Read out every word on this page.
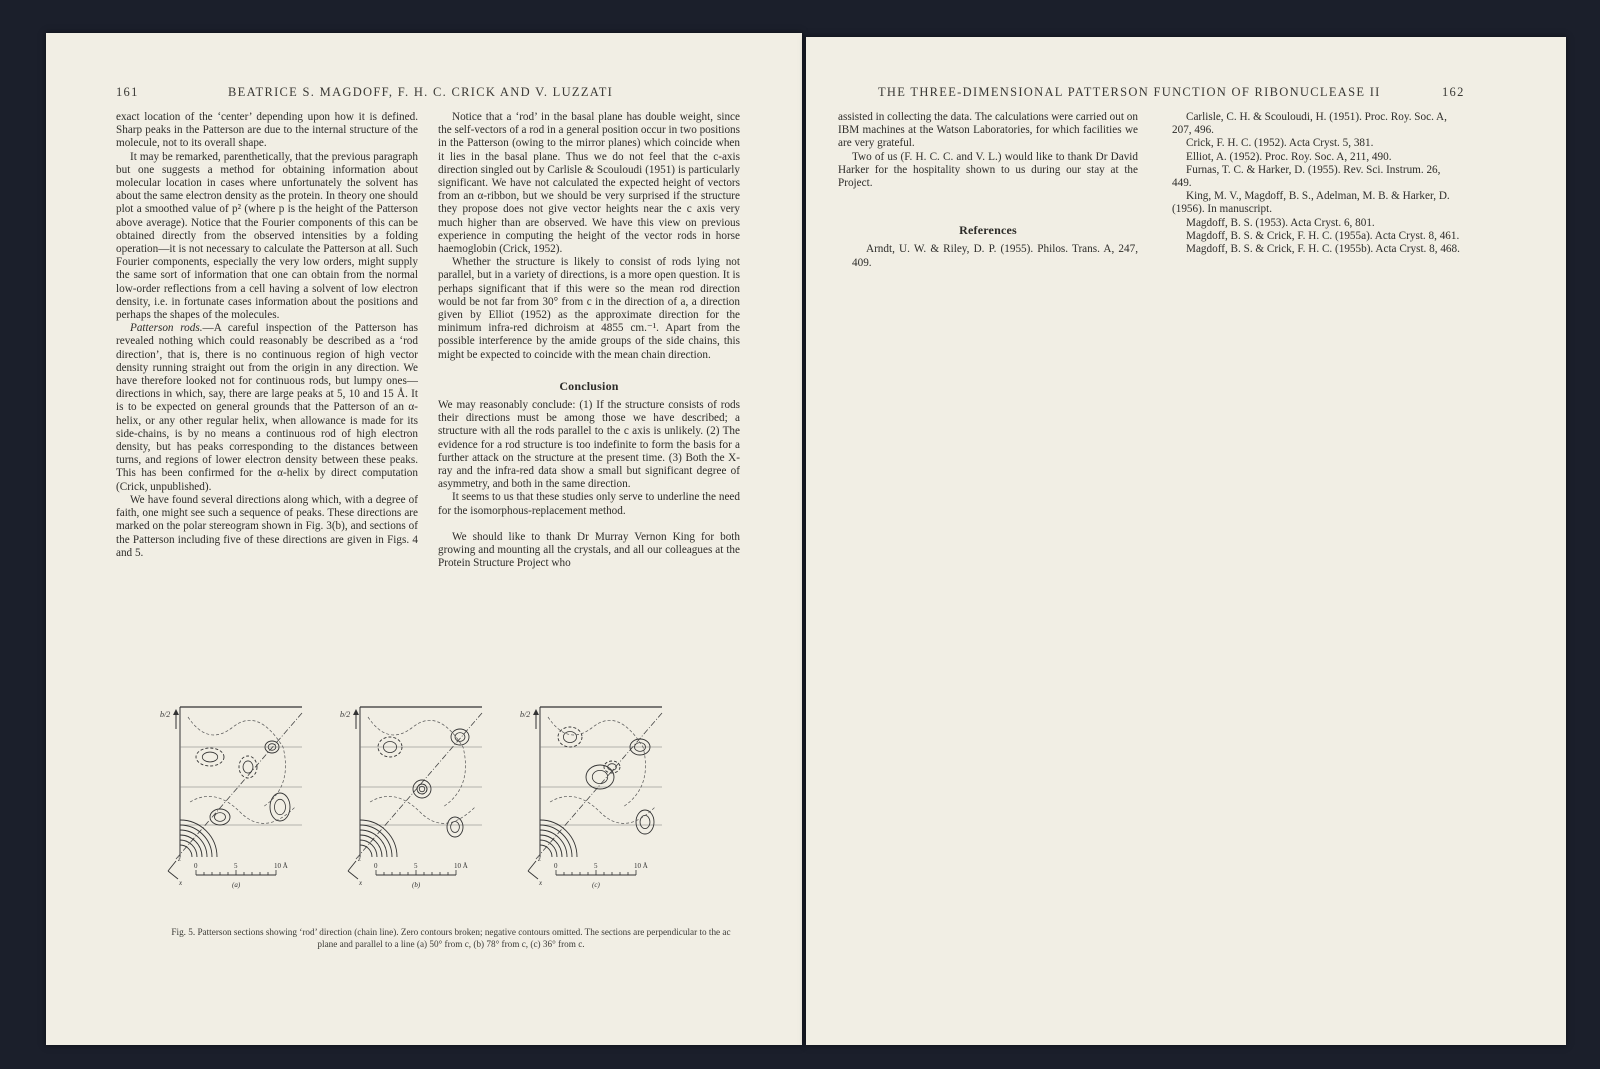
161	BEATRICE S. MAGDOFF, F. H. C. CRICK AND V. LUZZATI

exact location of the ‘center’ depending upon how it is defined. Sharp peaks in the Patterson are due to the internal structure of the molecule, not to its overall shape.

It may be remarked, parenthetically, that the previous paragraph but one suggests a method for obtaining information about molecular location in cases where unfortunately the solvent has about the same electron density as the protein. In theory one should plot a smoothed value of p² (where p is the height of the Patterson above average). Notice that the Fourier components of this can be obtained directly from the observed intensities by a folding operation—it is not necessary to calculate the Patterson at all. Such Fourier components, especially the very low orders, might supply the same sort of information that one can obtain from the normal low-order reflections from a cell having a solvent of low electron density, i.e. in fortunate cases information about the positions and perhaps the shapes of the molecules.

Patterson rods.—A careful inspection of the Patterson has revealed nothing which could reasonably be described as a ‘rod direction’, that is, there is no continuous region of high vector density running straight out from the origin in any direction. We have therefore looked not for continuous rods, but lumpy ones—directions in which, say, there are large peaks at 5, 10 and 15 Å. It is to be expected on general grounds that the Patterson of an α-helix, or any other regular helix, when allowance is made for its side-chains, is by no means a continuous rod of high electron density, but has peaks corresponding to the distances between turns, and regions of lower electron density between these peaks. This has been confirmed for the α-helix by direct computation (Crick, unpublished).

We have found several directions along which, with a degree of faith, one might see such a sequence of peaks. These directions are marked on the polar stereogram shown in Fig. 3(b), and sections of the Patterson including five of these directions are given in Figs. 4 and 5.

Notice that a ‘rod’ in the basal plane has double weight, since the self-vectors of a rod in a general position occur in two positions in the Patterson (owing to the mirror planes) which coincide when it lies in the basal plane. Thus we do not feel that the c-axis direction singled out by Carlisle & Scouloudi (1951) is particularly significant. We have not calculated the expected height of vectors from an α-ribbon, but we should be very surprised if the structure they propose does not give vector heights near the c axis very much higher than are observed. We have this view on previous experience in computing the height of the vector rods in horse haemoglobin (Crick, 1952).

Whether the structure is likely to consist of rods lying not parallel, but in a variety of directions, is a more open question. It is perhaps significant that if this were so the mean rod direction would be not far from 30° from c in the direction of a, a direction given by Elliot (1952) as the approximate direction for the minimum infra-red dichroism at 4855 cm.⁻¹. Apart from the possible interference by the amide groups of the side chains, this might be expected to coincide with the mean chain direction.

Conclusion

We may reasonably conclude: (1) If the structure consists of rods their directions must be among those we have described; a structure with all the rods parallel to the c axis is unlikely. (2) The evidence for a rod structure is too indefinite to form the basis for a further attack on the structure at the present time. (3) Both the X-ray and the infra-red data show a small but significant degree of asymmetry, and both in the same direction.

It seems to us that these studies only serve to underline the need for the isomorphous-replacement method.

We should like to thank Dr Murray Vernon King for both growing and mounting all the crystals, and all our colleagues at the Protein Structure Project who

b/2
z
x
0	5	10 Å
(a)
b/2
z
x
0	5	10 Å
(b)
b/2
z
x
0	5	10 Å
(c)
Fig. 5. Patterson sections showing ‘rod’ direction (chain line). Zero contours broken; negative contours omitted. The sections are perpendicular to the ac plane and parallel to a line (a) 50° from c, (b) 78° from c, (c) 36° from c.
THE THREE-DIMENSIONAL PATTERSON FUNCTION OF RIBONUCLEASE II	162

assisted in collecting the data. The calculations were carried out on IBM machines at the Watson Laboratories, for which facilities we are very grateful.

Two of us (F. H. C. C. and V. L.) would like to thank Dr David Harker for the hospitality shown to us during our stay at the Project.

References

Arndt, U. W. & Riley, D. P. (1955). Philos. Trans. A, 247, 409.

Carlisle, C. H. & Scouloudi, H. (1951). Proc. Roy. Soc. A, 207, 496.

Crick, F. H. C. (1952). Acta Cryst. 5, 381.

Elliot, A. (1952). Proc. Roy. Soc. A, 211, 490.

Furnas, T. C. & Harker, D. (1955). Rev. Sci. Instrum. 26, 449.

King, M. V., Magdoff, B. S., Adelman, M. B. & Harker, D. (1956). In manuscript.

Magdoff, B. S. (1953). Acta Cryst. 6, 801.

Magdoff, B. S. & Crick, F. H. C. (1955a). Acta Cryst. 8, 461.

Magdoff, B. S. & Crick, F. H. C. (1955b). Acta Cryst. 8, 468.
